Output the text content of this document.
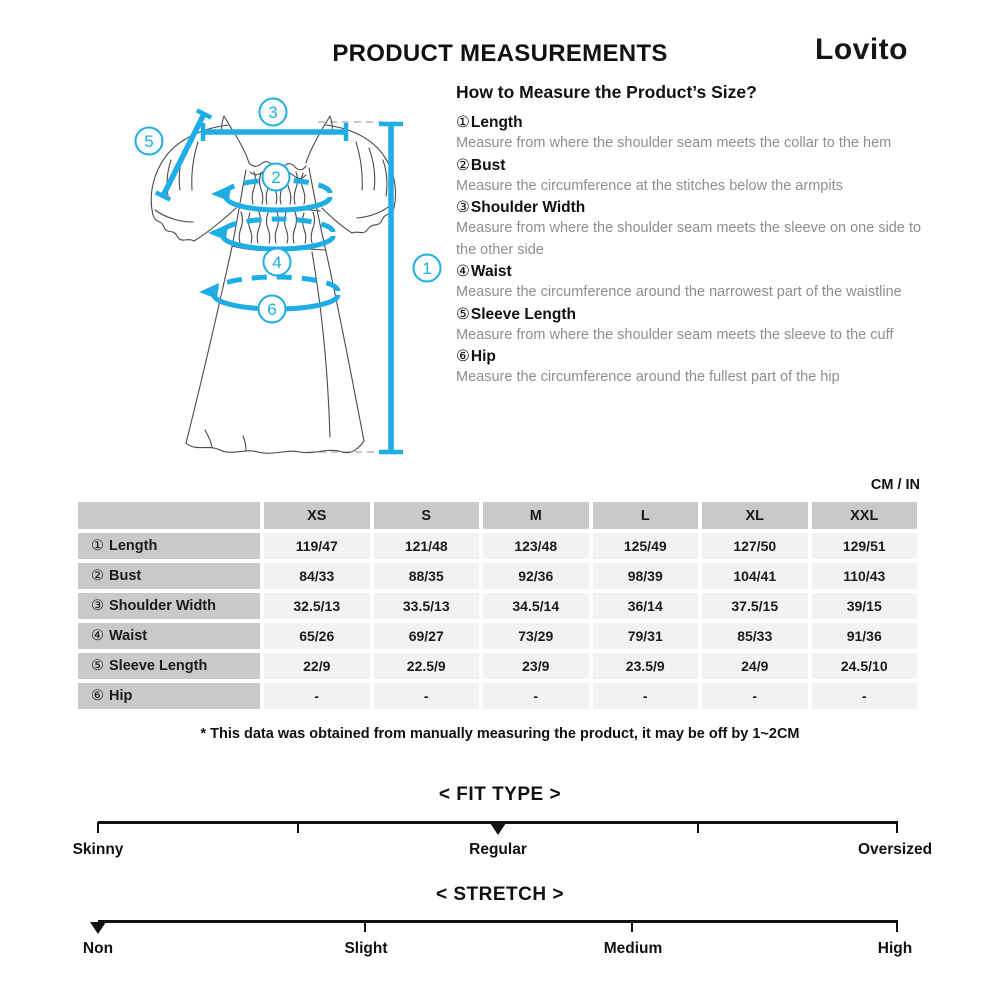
PRODUCT MEASUREMENTS	Lovito
1
2
3
4
5
6
How to Measure the Product’s Size?
①Length

Measure from where the shoulder seam meets the collar to the hem

②Bust

Measure the circumference at the stitches below the armpits

③Shoulder Width

Measure from where the shoulder seam meets the sleeve on one side to the other side

④Waist

Measure the circumference around the narrowest part of the waistline

⑤Sleeve Length

Measure from where the shoulder seam meets the sleeve to the cuff

⑥Hip

Measure the circumference around the fullest part of the hip

CM / IN
	XS	S	M	L	XL	XXL
① Length	119/47	121/48	123/48	125/49	127/50	129/51
② Bust	84/33	88/35	92/36	98/39	104/41	110/43
③ Shoulder Width	32.5/13	33.5/13	34.5/14	36/14	37.5/15	39/15
④ Waist	65/26	69/27	73/29	79/31	85/33	91/36
⑤ Sleeve Length	22/9	22.5/9	23/9	23.5/9	24/9	24.5/10
⑥ Hip	-	-	-	-	-	-
* This data was obtained from manually measuring the product, it may be off by 1~2CM
< FIT TYPE >
Skinny	Regular	Oversized
< STRETCH >
Non	Slight	Medium	High
